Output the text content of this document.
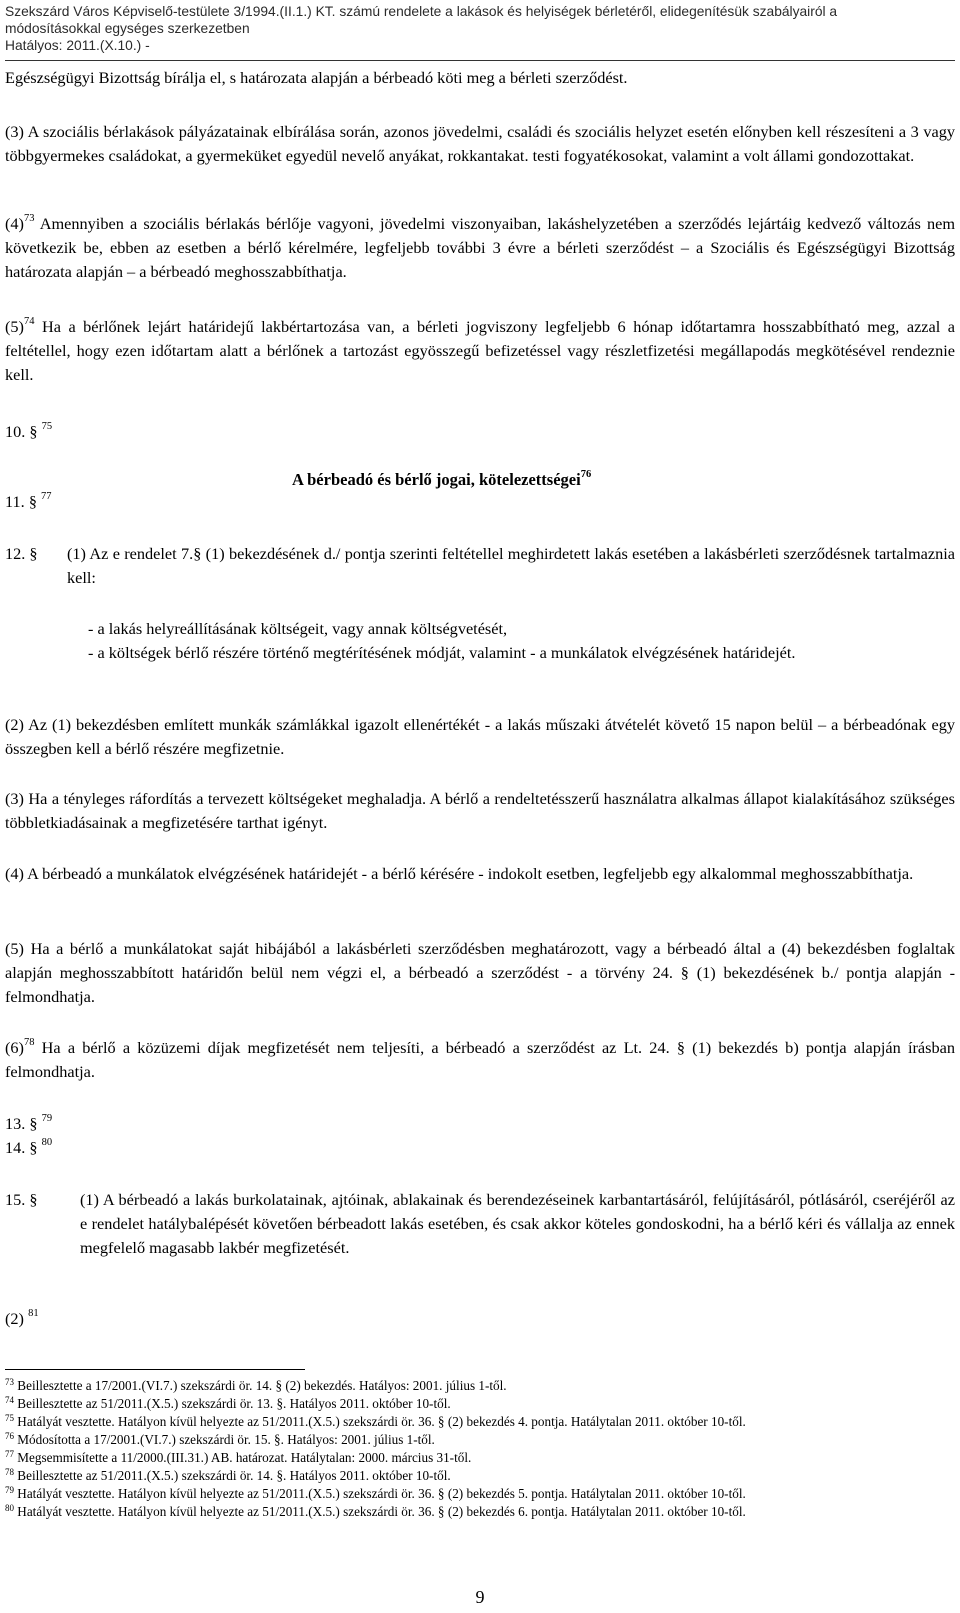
Szekszárd Város Képviselő-testülete 3/1994.(II.1.) KT. számú rendelete a lakások és helyiségek bérletéről, elidegenítésük szabályairól a
módosításokkal egységes szerkezetben
Hatályos: 2011.(X.10.) -
Egészségügyi Bizottság bírálja el, s határozata alapján a bérbeadó köti meg a bérleti szerződést.
(3) A szociális bérlakások pályázatainak elbírálása során, azonos jövedelmi, családi és szociális helyzet esetén előnyben kell részesíteni a 3 vagy többgyermekes családokat, a gyermeküket egyedül nevelő anyákat, rokkantakat. testi fogyatékosokat, valamint a volt állami gondozottakat.
$(4)^{73}$ Amennyiben a szociális bérlakás bérlője vagyoni, jövedelmi viszonyaiban, lakáshelyzetében a szerződés lejártáig kedvező változás nem következik be, ebben az esetben a bérlő kérelmére, legfeljebb további 3 évre a bérleti szerződést – a Szociális és Egészségügyi Bizottság határozata alapján – a bérbeadó meghosszabbíthatja.
$(5)^{74}$ Ha a bérlőnek lejárt határidejű lakbértartozása van, a bérleti jogviszony legfeljebb 6 hónap időtartamra hosszabbítható meg, azzal a feltétellel, hogy ezen időtartam alatt a bérlőnek a tartozást egyösszegű befizetéssel vagy részletfizetési megállapodás megkötésével rendeznie kell.
10. § $^{75}$
A bérbeadó és bérlő jogai, kötelezettségei$^{76}$
11. § $^{77}$
12. § (1) Az e rendelet 7.§ (1) bekezdésének d./ pontja szerinti feltétellel meghirdetett lakás esetében a lakásbérleti szerződésnek tartalmaznia kell:
- a lakás helyreállításának költségeit, vagy annak költségvetését,
- a költségek bérlő részére történő megtérítésének módját, valamint - a munkálatok elvégzésének határidejét.
(2) Az (1) bekezdésben említett munkák számlákkal igazolt ellenértékét - a lakás műszaki átvételét követő 15 napon belül – a bérbeadónak egy összegben kell a bérlő részére megfizetnie.
(3) Ha a tényleges ráfordítás a tervezett költségeket meghaladja. A bérlő a rendeltetésszerű használatra alkalmas állapot kialakításához szükséges többletkiadásainak a megfizetésére tarthat igényt.
(4) A bérbeadó a munkálatok elvégzésének határidejét - a bérlő kérésére - indokolt esetben, legfeljebb egy alkalommal meghosszabbíthatja.
(5) Ha a bérlő a munkálatokat saját hibájából a lakásbérleti szerződésben meghatározott, vagy a bérbeadó által a (4) bekezdésben foglaltak alapján meghosszabbított határidőn belül nem végzi el, a bérbeadó a szerződést - a törvény 24. § (1) bekezdésének b./ pontja alapján - felmondhatja.
$(6)^{78}$ Ha a bérlő a közüzemi díjak megfizetését nem teljesíti, a bérbeadó a szerződést az Lt. 24. § (1) bekezdés b) pontja alapján írásban felmondhatja.
13. § $^{79}$
14. § $^{80}$
15. §	(1) A bérbeadó a lakás burkolatainak, ajtóinak, ablakainak és berendezéseinek karbantartásáról, felújításáról, pótlásáról, cseréjéről az e rendelet hatálybalépését követően bérbeadott lakás esetében, és csak akkor köteles gondoskodni, ha a bérlő kéri és vállalja az ennek megfelelő magasabb lakbér megfizetését.
(2) $^{81}$
$^{73}$ Beillesztette a 17/2001.(VI.7.) szekszárdi ör. 14. § (2) bekezdés. Hatályos: 2001. július 1-től.
$^{74}$ Beillesztette az 51/2011.(X.5.) szekszárdi ör. 13. §. Hatályos 2011. október 10-től.
$^{75}$ Hatályát vesztette. Hatályon kívül helyezte az 51/2011.(X.5.) szekszárdi ör. 36. § (2) bekezdés 4. pontja. Hatálytalan 2011. október 10-től.
$^{76}$ Módosította a 17/2001.(VI.7.) szekszárdi ör. 15. §. Hatályos: 2001. július 1-től.
$^{77}$ Megsemmisítette a 11/2000.(III.31.) AB. határozat. Hatálytalan: 2000. március 31-től.
$^{78}$ Beillesztette az 51/2011.(X.5.) szekszárdi ör. 14. §. Hatályos 2011. október 10-től.
$^{79}$ Hatályát vesztette. Hatályon kívül helyezte az 51/2011.(X.5.) szekszárdi ör. 36. § (2) bekezdés 5. pontja. Hatálytalan 2011. október 10-től.
$^{80}$ Hatályát vesztette. Hatályon kívül helyezte az 51/2011.(X.5.) szekszárdi ör. 36. § (2) bekezdés 6. pontja. Hatálytalan 2011. október 10-től.
9
